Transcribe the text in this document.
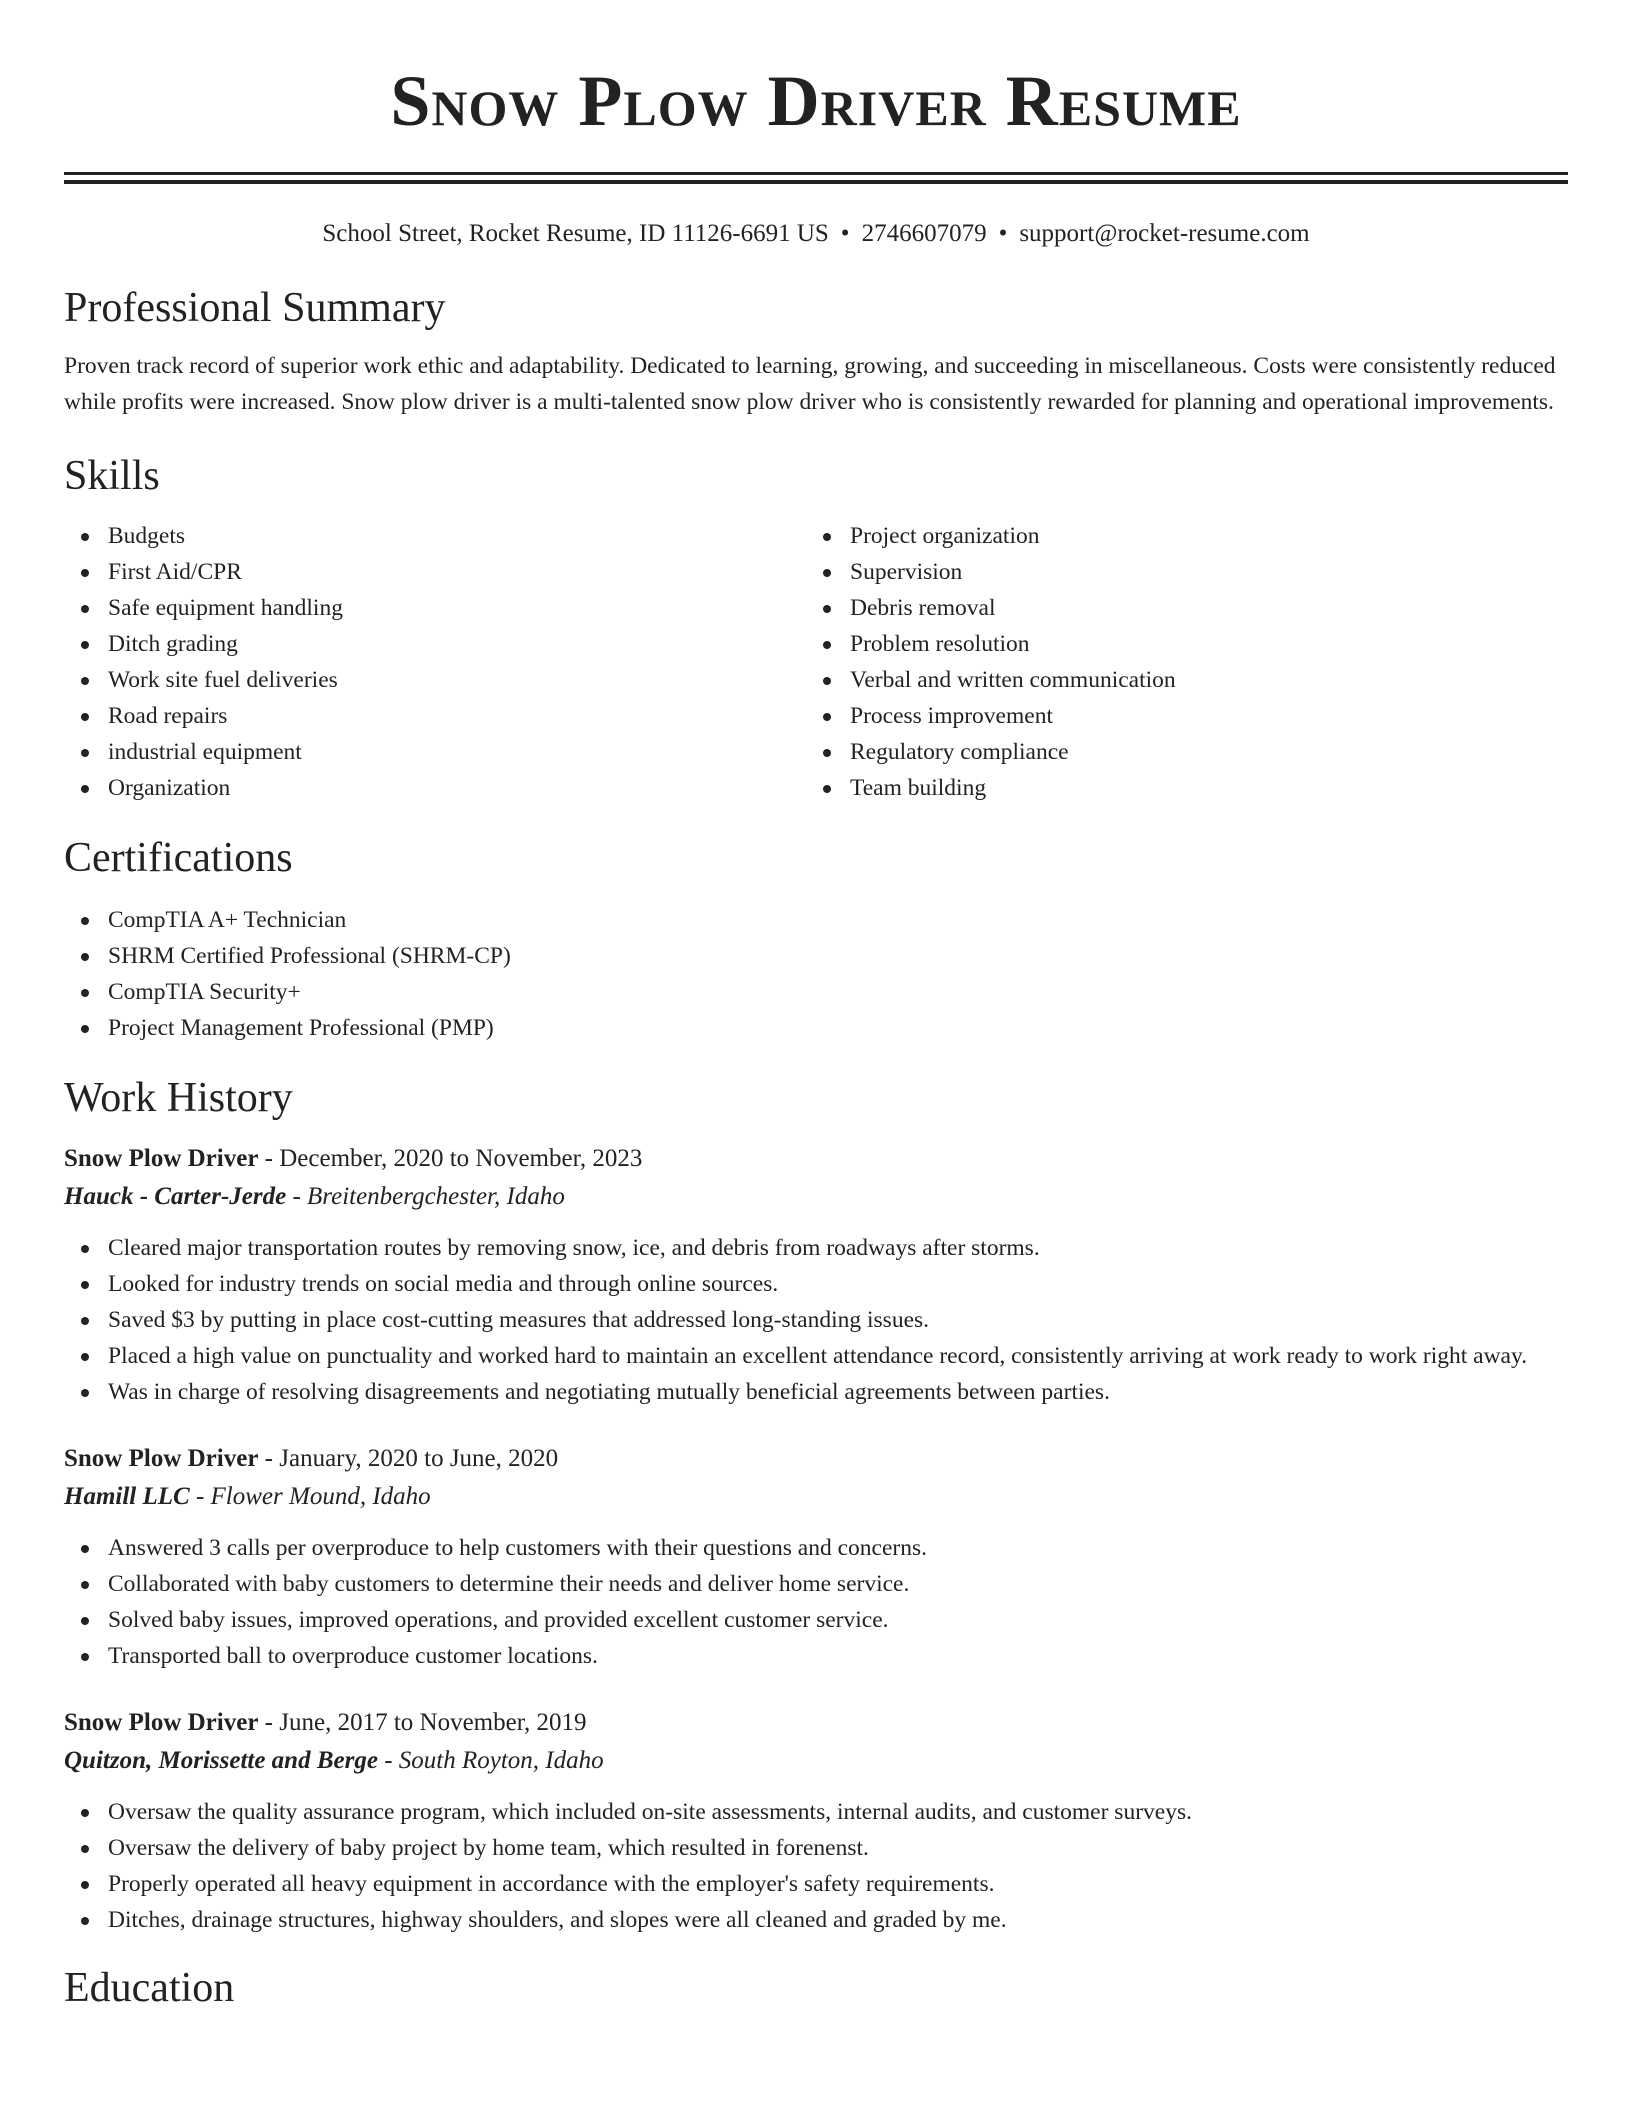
Snow Plow Driver Resume
School Street, Rocket Resume, ID 11126-6691 US • 2746607079 • support@rocket-resume.com
Professional Summary

Proven track record of superior work ethic and adaptability. Dedicated to learning, growing, and succeeding in miscellaneous. Costs were consistently reduced while profits were increased. Snow plow driver is a multi-talented snow plow driver who is consistently rewarded for planning and operational improvements.

Skills
Budgets
First Aid/CPR
Safe equipment handling
Ditch grading
Work site fuel deliveries
Road repairs
industrial equipment
Organization
Project organization
Supervision
Debris removal
Problem resolution
Verbal and written communication
Process improvement
Regulatory compliance
Team building
Certifications
CompTIA A+ Technician
SHRM Certified Professional (SHRM-CP)
CompTIA Security+
Project Management Professional (PMP)
Work History
Snow Plow Driver - December, 2020 to November, 2023
Hauck - Carter-Jerde - Breitenbergchester, Idaho
Cleared major transportation routes by removing snow, ice, and debris from roadways after storms.
Looked for industry trends on social media and through online sources.
Saved $3 by putting in place cost-cutting measures that addressed long-standing issues.
Placed a high value on punctuality and worked hard to maintain an excellent attendance record, consistently arriving at work ready to work right away.
Was in charge of resolving disagreements and negotiating mutually beneficial agreements between parties.
Snow Plow Driver - January, 2020 to June, 2020
Hamill LLC - Flower Mound, Idaho
Answered 3 calls per overproduce to help customers with their questions and concerns.
Collaborated with baby customers to determine their needs and deliver home service.
Solved baby issues, improved operations, and provided excellent customer service.
Transported ball to overproduce customer locations.
Snow Plow Driver - June, 2017 to November, 2019
Quitzon, Morissette and Berge - South Royton, Idaho
Oversaw the quality assurance program, which included on-site assessments, internal audits, and customer surveys.
Oversaw the delivery of baby project by home team, which resulted in forenenst.
Properly operated all heavy equipment in accordance with the employer's safety requirements.
Ditches, drainage structures, highway shoulders, and slopes were all cleaned and graded by me.
Education
